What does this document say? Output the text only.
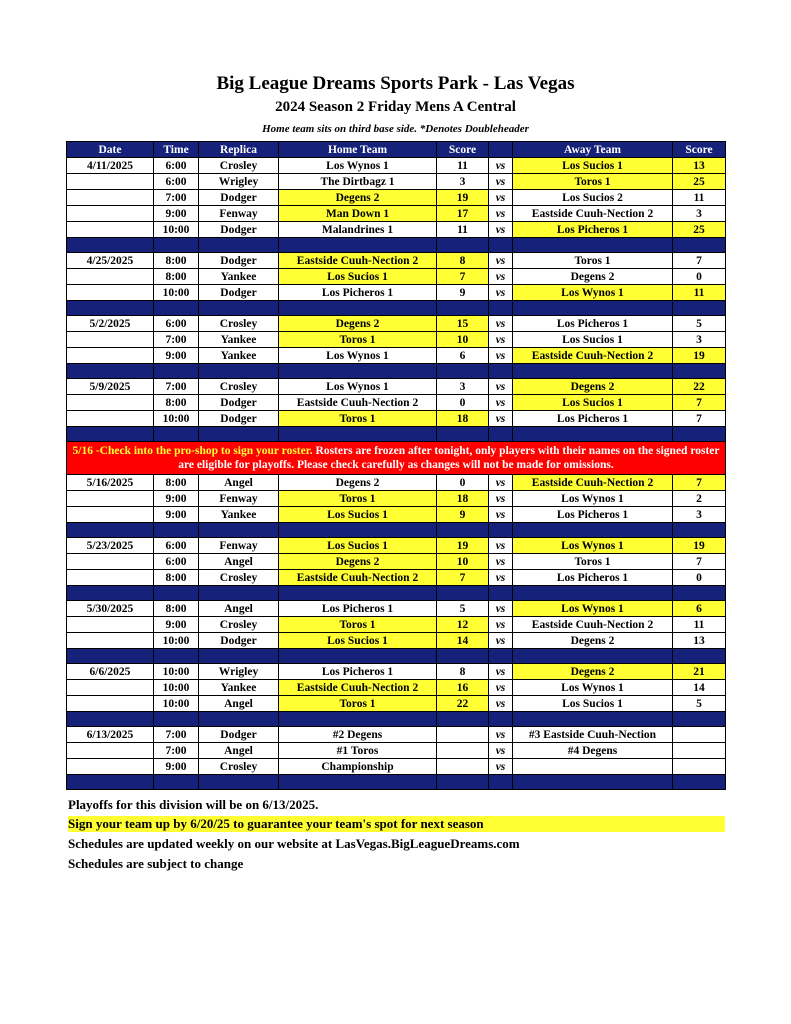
Big League Dreams Sports Park - Las Vegas
2024 Season 2 Friday Mens A Central
Home team sits on third base side. *Denotes Doubleheader
Date	Time	Replica	Home Team	Score		Away Team	Score
4/11/2025	6:00	Crosley	Los Wynos 1	11	vs	Los Sucios 1	13
	6:00	Wrigley	The Dirtbagz 1	3	vs	Toros 1	25
	7:00	Dodger	Degens 2	19	vs	Los Sucios 2	11
	9:00	Fenway	Man Down 1	17	vs	Eastside Cuuh-Nection 2	3
	10:00	Dodger	Malandrines 1	11	vs	Los Picheros 1	25

4/25/2025	8:00	Dodger	Eastside Cuuh-Nection 2	8	vs	Toros 1	7
	8:00	Yankee	Los Sucios 1	7	vs	Degens 2	0
	10:00	Dodger	Los Picheros 1	9	vs	Los Wynos 1	11

5/2/2025	6:00	Crosley	Degens 2	15	vs	Los Picheros 1	5
	7:00	Yankee	Toros 1	10	vs	Los Sucios 1	3
	9:00	Yankee	Los Wynos 1	6	vs	Eastside Cuuh-Nection 2	19

5/9/2025	7:00	Crosley	Los Wynos 1	3	vs	Degens 2	22
	8:00	Dodger	Eastside Cuuh-Nection 2	0	vs	Los Sucios 1	7
	10:00	Dodger	Toros 1	18	vs	Los Picheros 1	7

5/16 -Check into the pro-shop to sign your roster. Rosters are frozen after tonight, only players with their names on the signed roster are eligible for playoffs. Please check carefully as changes will not be made for omissions.							
5/16/2025	8:00	Angel	Degens 2	0	vs	Eastside Cuuh-Nection 2	7
	9:00	Fenway	Toros 1	18	vs	Los Wynos 1	2
	9:00	Yankee	Los Sucios 1	9	vs	Los Picheros 1	3

5/23/2025	6:00	Fenway	Los Sucios 1	19	vs	Los Wynos 1	19
	6:00	Angel	Degens 2	10	vs	Toros 1	7
	8:00	Crosley	Eastside Cuuh-Nection 2	7	vs	Los Picheros 1	0

5/30/2025	8:00	Angel	Los Picheros 1	5	vs	Los Wynos 1	6
	9:00	Crosley	Toros 1	12	vs	Eastside Cuuh-Nection 2	11
	10:00	Dodger	Los Sucios 1	14	vs	Degens 2	13

6/6/2025	10:00	Wrigley	Los Picheros 1	8	vs	Degens 2	21
	10:00	Yankee	Eastside Cuuh-Nection 2	16	vs	Los Wynos 1	14
	10:00	Angel	Toros 1	22	vs	Los Sucios 1	5

6/13/2025	7:00	Dodger	#2 Degens		vs	#3 Eastside Cuuh-Nection	
	7:00	Angel	#1 Toros		vs	#4 Degens	
	9:00	Crosley	Championship		vs		

Playoffs for this division will be on 6/13/2025.
Sign your team up by 6/20/25 to guarantee your team's spot for next season
Schedules are updated weekly on our website at LasVegas.BigLeagueDreams.com
Schedules are subject to change
